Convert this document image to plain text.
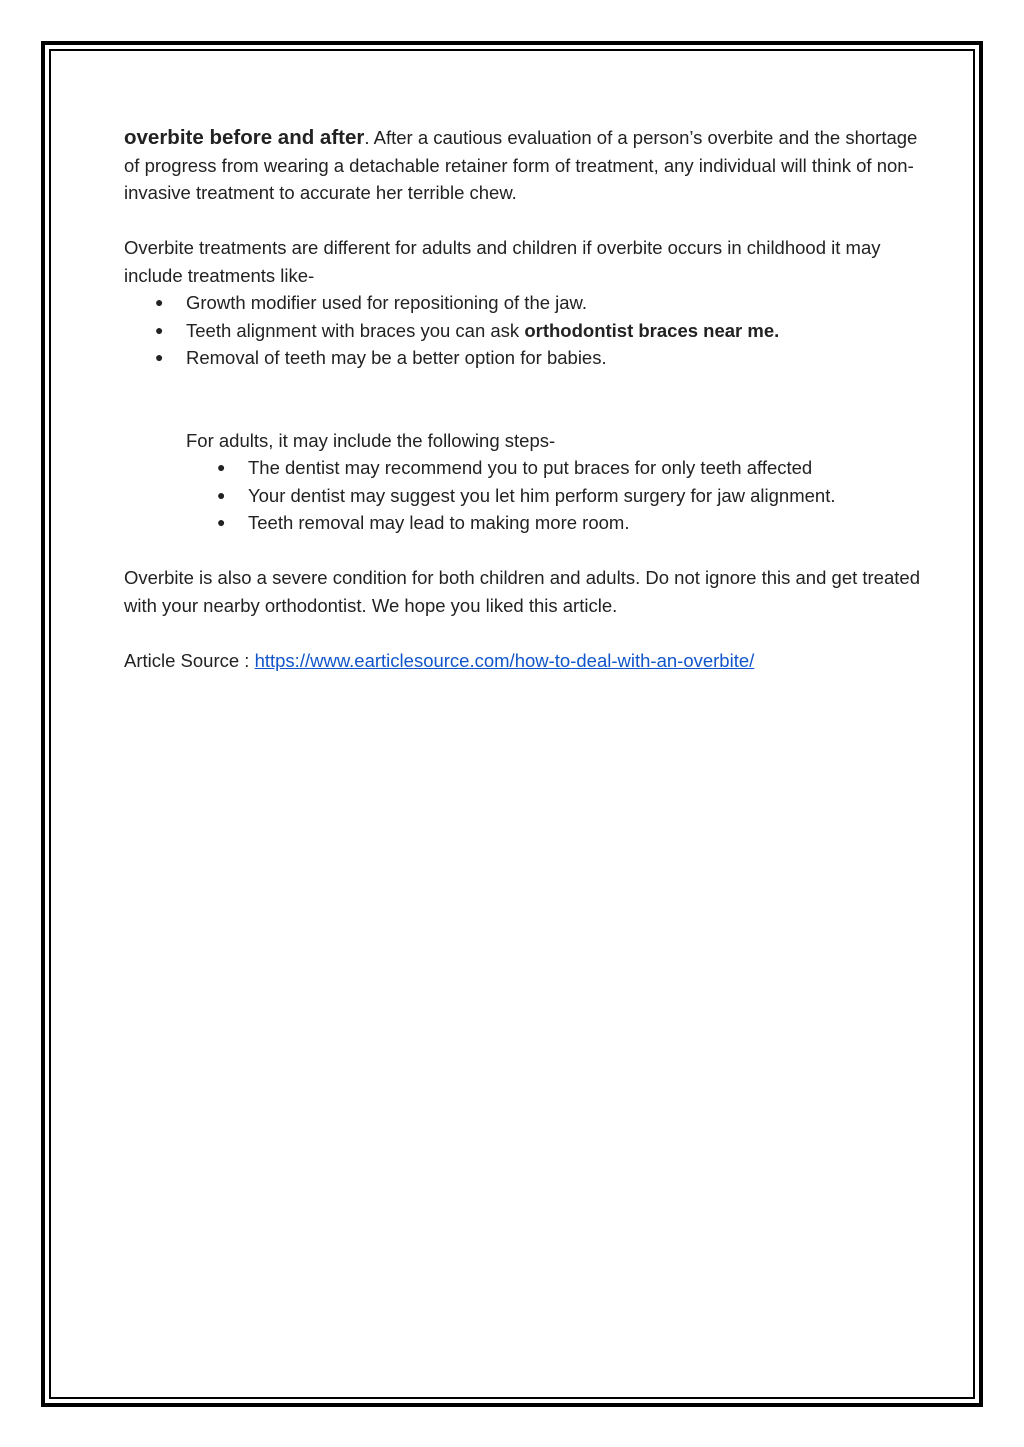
overbite before and after. After a cautious evaluation of a person’s overbite and the shortage of progress from wearing a detachable retainer form of treatment, any individual will think of non-invasive treatment to accurate her terrible chew.

Overbite treatments are different for adults and children if overbite occurs in childhood it may include treatments like-

● Growth modifier used for repositioning of the jaw.
● Teeth alignment with braces you can ask orthodontist braces near me.
● Removal of teeth may be a better option for babies.

For adults, it may include the following steps-

● The dentist may recommend you to put braces for only teeth affected
● Your dentist may suggest you let him perform surgery for jaw alignment.
● Teeth removal may lead to making more room.

Overbite is also a severe condition for both children and adults. Do not ignore this and get treated with your nearby orthodontist. We hope you liked this article.

Article Source : https://www.earticlesource.com/how-to-deal-with-an-overbite/
